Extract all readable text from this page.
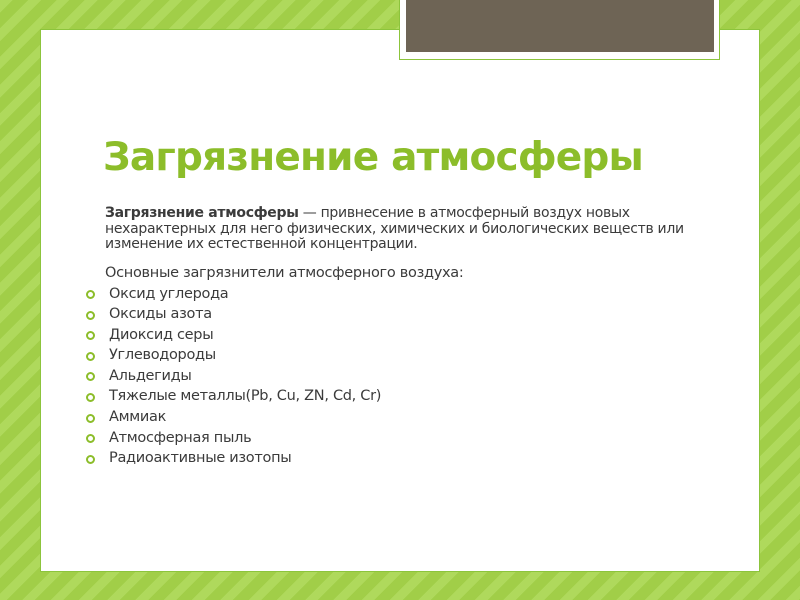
Загрязнение атмосферы

Загрязнение атмосферы — привнесение в атмосферный воздух новых нехарактерных для него физических, химических и биологических веществ или изменение их естественной концентрации.

Основные загрязнители атмосферного воздуха:

Оксид углерода
Оксиды азота
Диоксид серы
Углеводороды
Альдегиды
Тяжелые металлы(Pb, Cu, ZN, Cd, Cr)
Аммиак
Атмосферная пыль
Радиоактивные изотопы
